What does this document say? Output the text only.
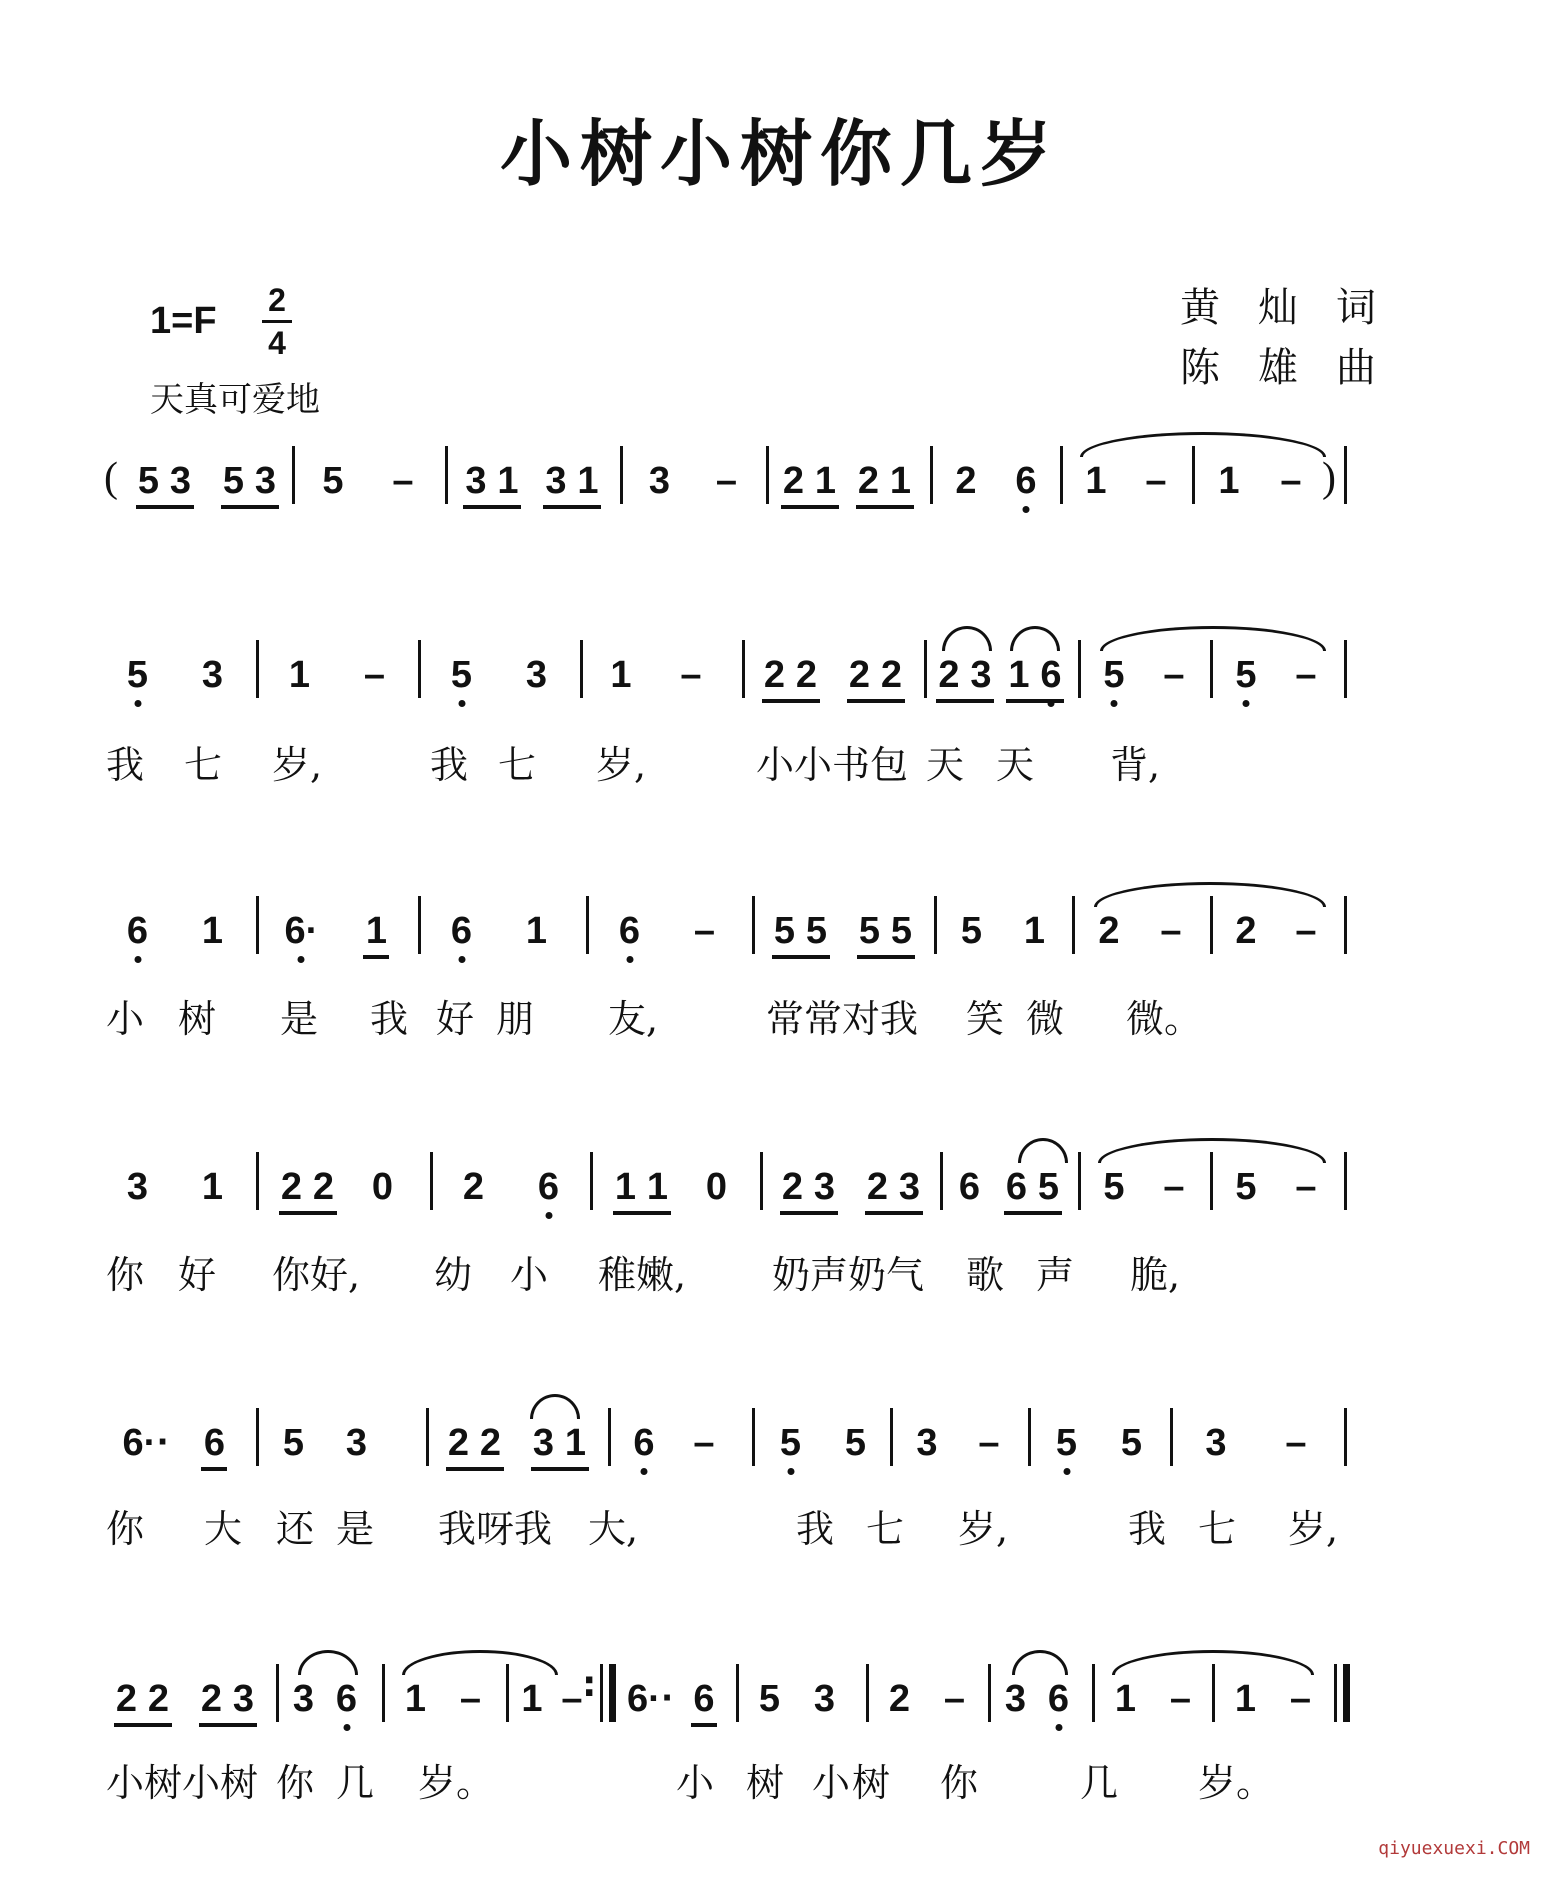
小树小树你几岁
1=F 2
4
天真可爱地
黄灿词
陈雄曲
( 5 3 5 3 5 – 3 1 3 1 3 – 2 1 2 1 2 6 1 – 1 – )
5 3 1 – 5 3 1 – 2 2 2 2 2 3 1 6 5 – 5 –
我 七 岁,	我 七 岁,	小小书包 天 天 背,
6 1 6· 1 6 1 6 – 5 5 5 5 5 1 2 – 2 –
小 树 是 我 好 朋 友,	常常对我 笑 微 微。
3 1 2 2 0 2 6 1 1 0 2 3 2 3 6 6 5 5 – 5 –
你 好 你好, 幼 小 稚嫩, 奶声奶气 歌 声 脆,
6· · 6 5 3 2 2 3 1 6 – 5 5 3 – 5 5 3 –
你 大 还 是 我呀我 大,	我 七 岁,	我 七 岁,
2 2 2 3 3 6 1 – 1 – : 6· · 6 5 3 2 – 3 6 1 – 1 –
小树小树 你 几 岁。	小 树 小 树 你	几 岁。
qiyuexuexi.COM
